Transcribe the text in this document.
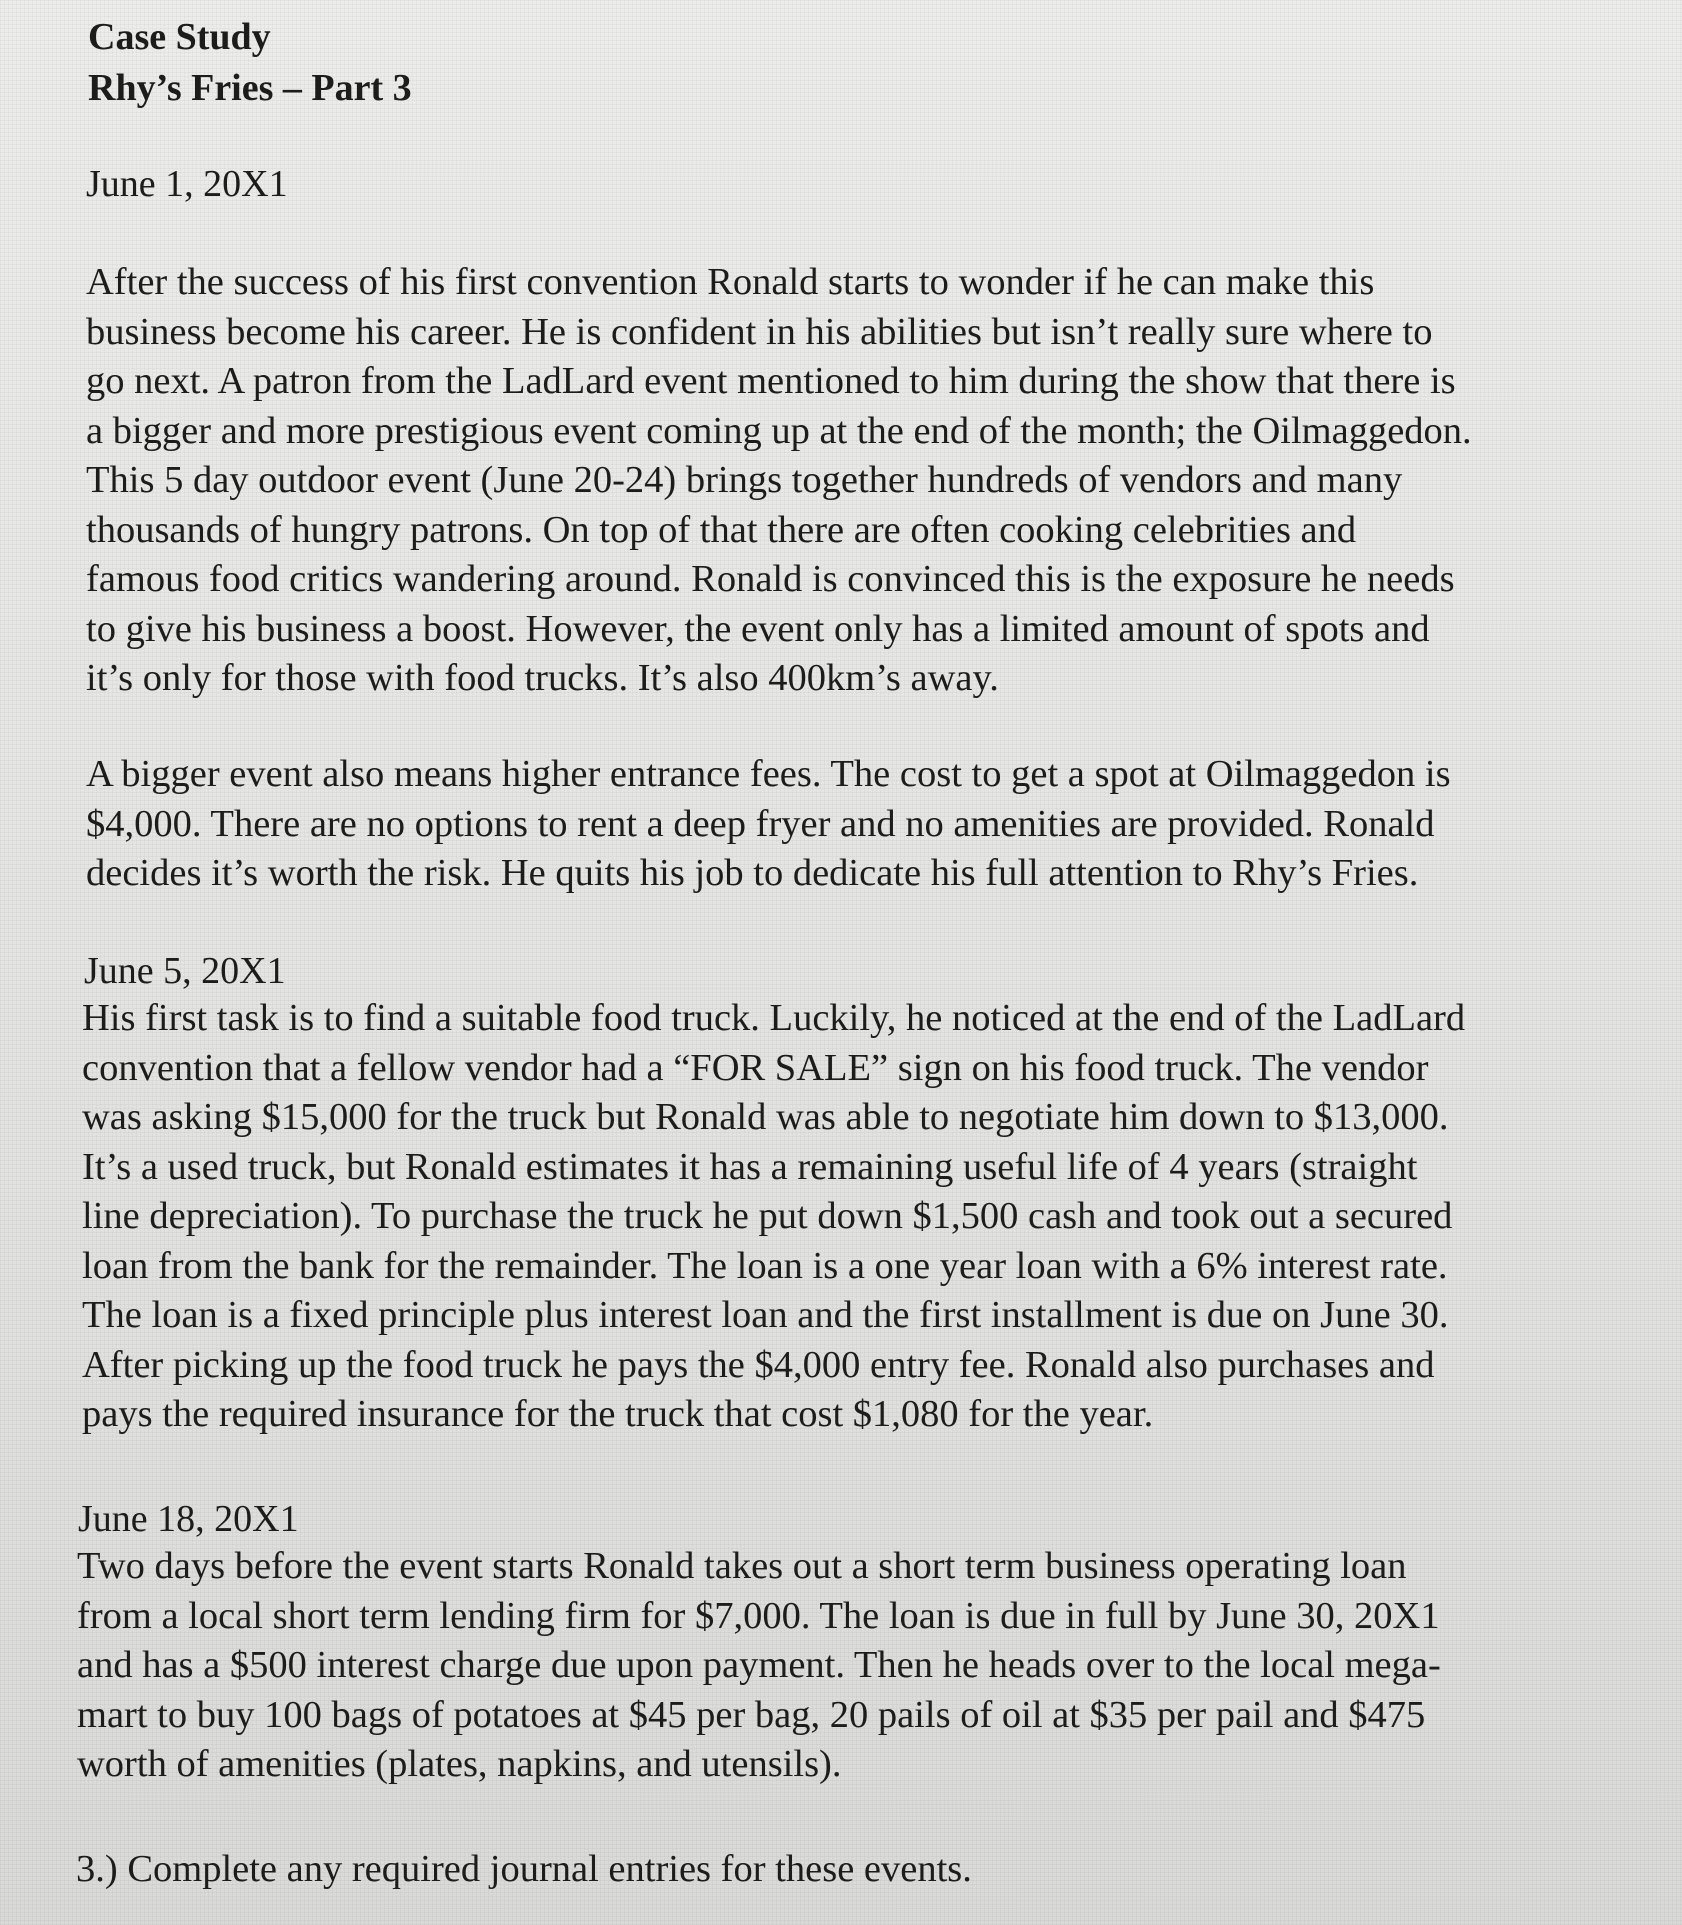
Case Study
Rhy’s Fries – Part 3

June 1, 20X1

After the success of his first convention Ronald starts to wonder if he can make this
business become his career. He is confident in his abilities but isn’t really sure where to
go next. A patron from the LadLard event mentioned to him during the show that there is
a bigger and more prestigious event coming up at the end of the month; the Oilmaggedon.
This 5 day outdoor event (June 20-24) brings together hundreds of vendors and many
thousands of hungry patrons. On top of that there are often cooking celebrities and
famous food critics wandering around. Ronald is convinced this is the exposure he needs
to give his business a boost. However, the event only has a limited amount of spots and
it’s only for those with food trucks. It’s also 400km’s away.
A bigger event also means higher entrance fees. The cost to get a spot at Oilmaggedon is
$4,000. There are no options to rent a deep fryer and no amenities are provided. Ronald
decides it’s worth the risk. He quits his job to dedicate his full attention to Rhy’s Fries.

June 5, 20X1

His first task is to find a suitable food truck. Luckily, he noticed at the end of the LadLard
convention that a fellow vendor had a “FOR SALE” sign on his food truck. The vendor
was asking $15,000 for the truck but Ronald was able to negotiate him down to $13,000.
It’s a used truck, but Ronald estimates it has a remaining useful life of 4 years (straight
line depreciation). To purchase the truck he put down $1,500 cash and took out a secured
loan from the bank for the remainder. The loan is a one year loan with a 6% interest rate.
The loan is a fixed principle plus interest loan and the first installment is due on June 30.
After picking up the food truck he pays the $4,000 entry fee. Ronald also purchases and
pays the required insurance for the truck that cost $1,080 for the year.

June 18, 20X1

Two days before the event starts Ronald takes out a short term business operating loan
from a local short term lending firm for $7,000. The loan is due in full by June 30, 20X1
and has a $500 interest charge due upon payment. Then he heads over to the local mega-
mart to buy 100 bags of potatoes at $45 per bag, 20 pails of oil at $35 per pail and $475
worth of amenities (plates, napkins, and utensils).

3.) Complete any required journal entries for these events.
